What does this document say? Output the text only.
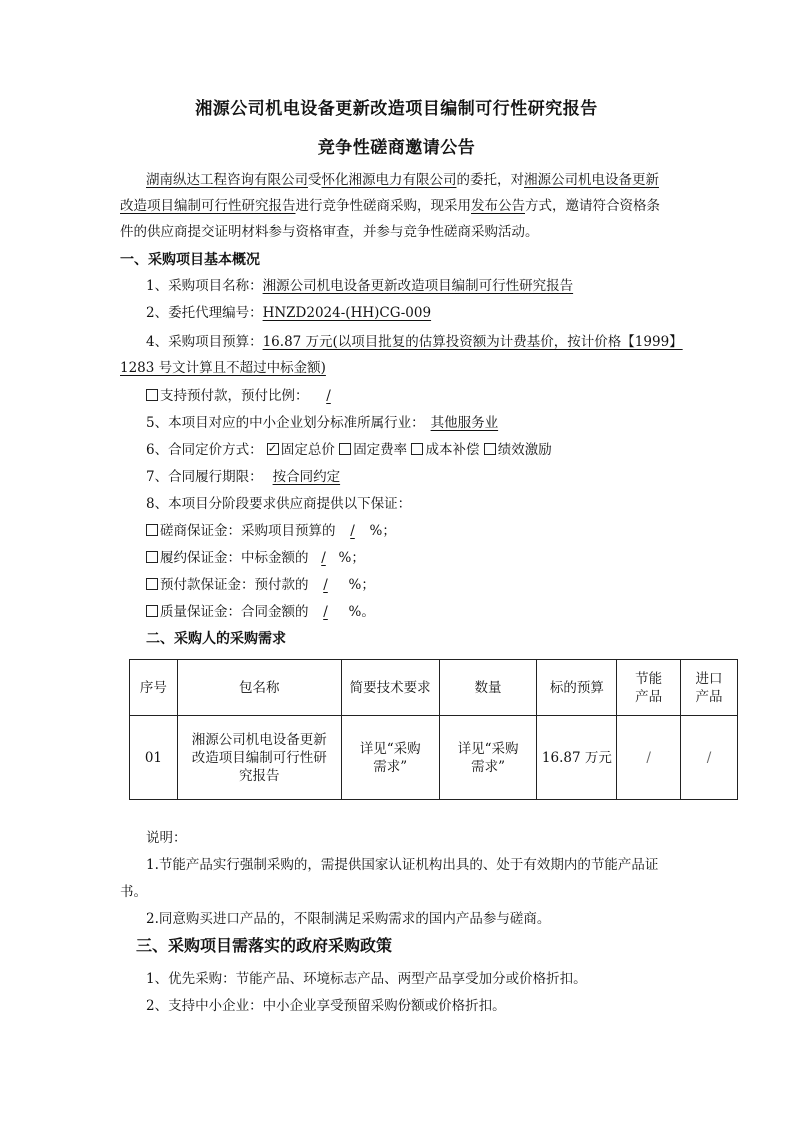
湘源公司机电设备更新改造项目编制可行性研究报告
竞争性磋商邀请公告
湖南纵达工程咨询有限公司受怀化湘源电力有限公司的委托，对湘源公司机电设备更新
改造项目编制可行性研究报告进行竞争性磋商采购，现采用发布公告方式，邀请符合资格条
件的供应商提交证明材料参与资格审查，并参与竞争性磋商采购活动。
一、采购项目基本概况
1、采购项目名称：湘源公司机电设备更新改造项目编制可行性研究报告
2、委托代理编号：HNZD2024-(HH)CG-009
4、采购项目预算：16.87 万元(以项目批复的估算投资额为计费基价，按计价格【1999】
1283 号文计算且不超过中标金额)
支持预付款，预付比例： /
5、本项目对应的中小企业划分标准所属行业： 其他服务业
6、合同定价方式： ✓ 固定总价 固定费率 成本补偿 绩效激励
7、合同履行期限： 按合同约定
8、本项目分阶段要求供应商提供以下保证：
磋商保证金：采购项目预算的 / %；
履约保证金：中标金额的 / %；
预付款保证金：预付款的 / %；
质量保证金：合同金额的 / %。
二、采购人的采购需求
序号	包名称	简要技术要求	数量	标的预算	节能产品	进口产品

01	湘源公司机电设备更新改造项目编制可行性研究报告	详见“采购需求”	详见“采购需求”	16.87 万元	/	/
说明：
1.节能产品实行强制采购的，需提供国家认证机构出具的、处于有效期内的节能产品证
书。
2.同意购买进口产品的，不限制满足采购需求的国内产品参与磋商。
三、采购项目需落实的政府采购政策
1、优先采购：节能产品、环境标志产品、两型产品享受加分或价格折扣。
2、支持中小企业：中小企业享受预留采购份额或价格折扣。
